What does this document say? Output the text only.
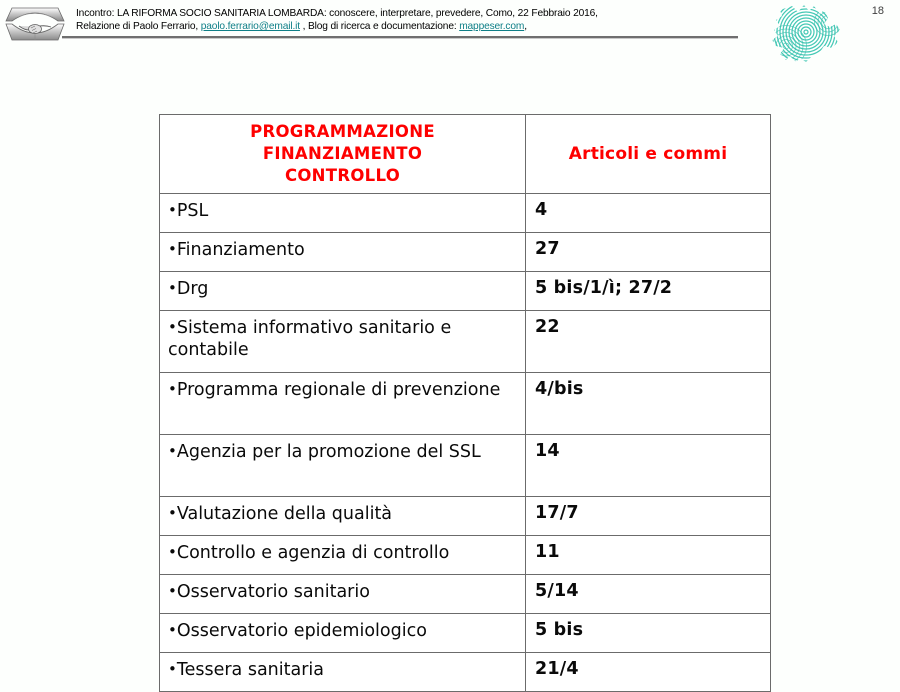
Incontro: LA RIFORMA SOCIO SANITARIA LOMBARDA: conoscere, interpretare, prevedere, Como, 22 Febbraio 2016,
Relazione di Paolo Ferrario, paolo.ferrario@email.it , Blog di ricerca e documentazione: mappeser.com,
18
PROGRAMMAZIONE
FINANZIAMENTO
CONTROLLO	Articoli e commi

•PSL	4
•Finanziamento	27
•Drg	5 bis/1/ì; 27/2
•Sistema informativo sanitario e contabile	22
•Programma regionale di prevenzione	4/bis
•Agenzia per la promozione del SSL	14
•Valutazione della qualità	17/7
•Controllo e agenzia di controllo	11
•Osservatorio sanitario	5/14
•Osservatorio epidemiologico	5 bis
•Tessera sanitaria	21/4
